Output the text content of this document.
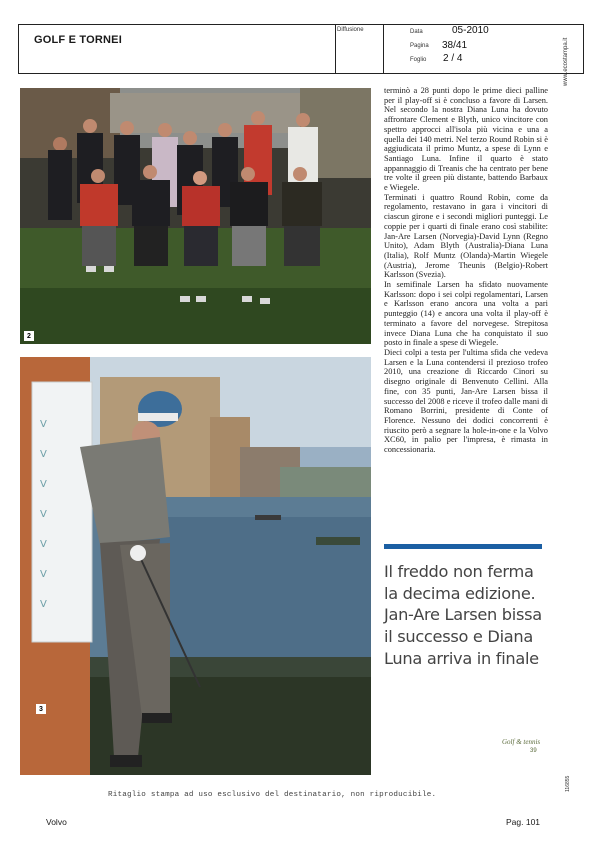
GOLF E TORNEI
Diffusione	Data	05-2010
Pagina 38/41
Foglio 2 / 4
2
V
V
V
V
V
V
V
3

terminò a 28 punti dopo le prime dieci palline per il play-off si è concluso a favore di Larsen. Nel secondo la nostra Diana Luna ha dovuto affrontare Clement e Blyth, unico vincitore con spettro approcci all'isola più vicina e una a quella dei 140 metri. Nel terzo Round Robin si è aggiudicata il primo Muntz, a spese di Lynn e Santiago Luna. Infine il quarto è stato appannaggio di Treanis che ha centrato per bene tre volte il green più distante, battendo Barbaux e Wiegele.

Terminati i quattro Round Robin, come da regolamento, restavano in gara i vincitori di ciascun girone e i secondi migliori punteggi. Le coppie per i quarti di finale erano così stabilite: Jan-Are Larsen (Norvegia)-David Lynn (Regno Unito), Adam Blyth (Australia)-Diana Luna (Italia), Rolf Muntz (Olanda)-Martin Wiegele (Austria), Jerome Theunis (Belgio)-Robert Karlsson (Svezia).

In semifinale Larsen ha sfidato nuovamente Karlsson: dopo i sei colpi regolamentari, Larsen e Karlsson erano ancora una volta a pari punteggio (14) e ancora una volta il play-off è terminato a favore del norvegese. Strepitosa invece Diana Luna che ha conquistato il suo posto in finale a spese di Wiegele.

Dieci colpi a testa per l'ultima sfida che vedeva Larsen e la Luna contendersi il prezioso trofeo 2010, una creazione di Riccardo Cinori su disegno originale di Benvenuto Cellini. Alla fine, con 35 punti, Jan-Are Larsen bissa il successo del 2008 e riceve il trofeo dalle mani di Romano Borrini, presidente di Conte of Florence. Nessuno dei dodici concorrenti è riuscito però a segnare la hole-in-one e la Volvo XC60, in palio per l'impresa, è rimasta in concessionaria.

Il freddo non ferma la decima edizione. Jan-Are Larsen bissa il successo e Diana Luna arriva in finale
Golf & tennis
39
www.ecostampa.it
116855
Ritaglio stampa ad uso esclusivo del destinatario, non riproducibile.
Volvo	Pag. 101
